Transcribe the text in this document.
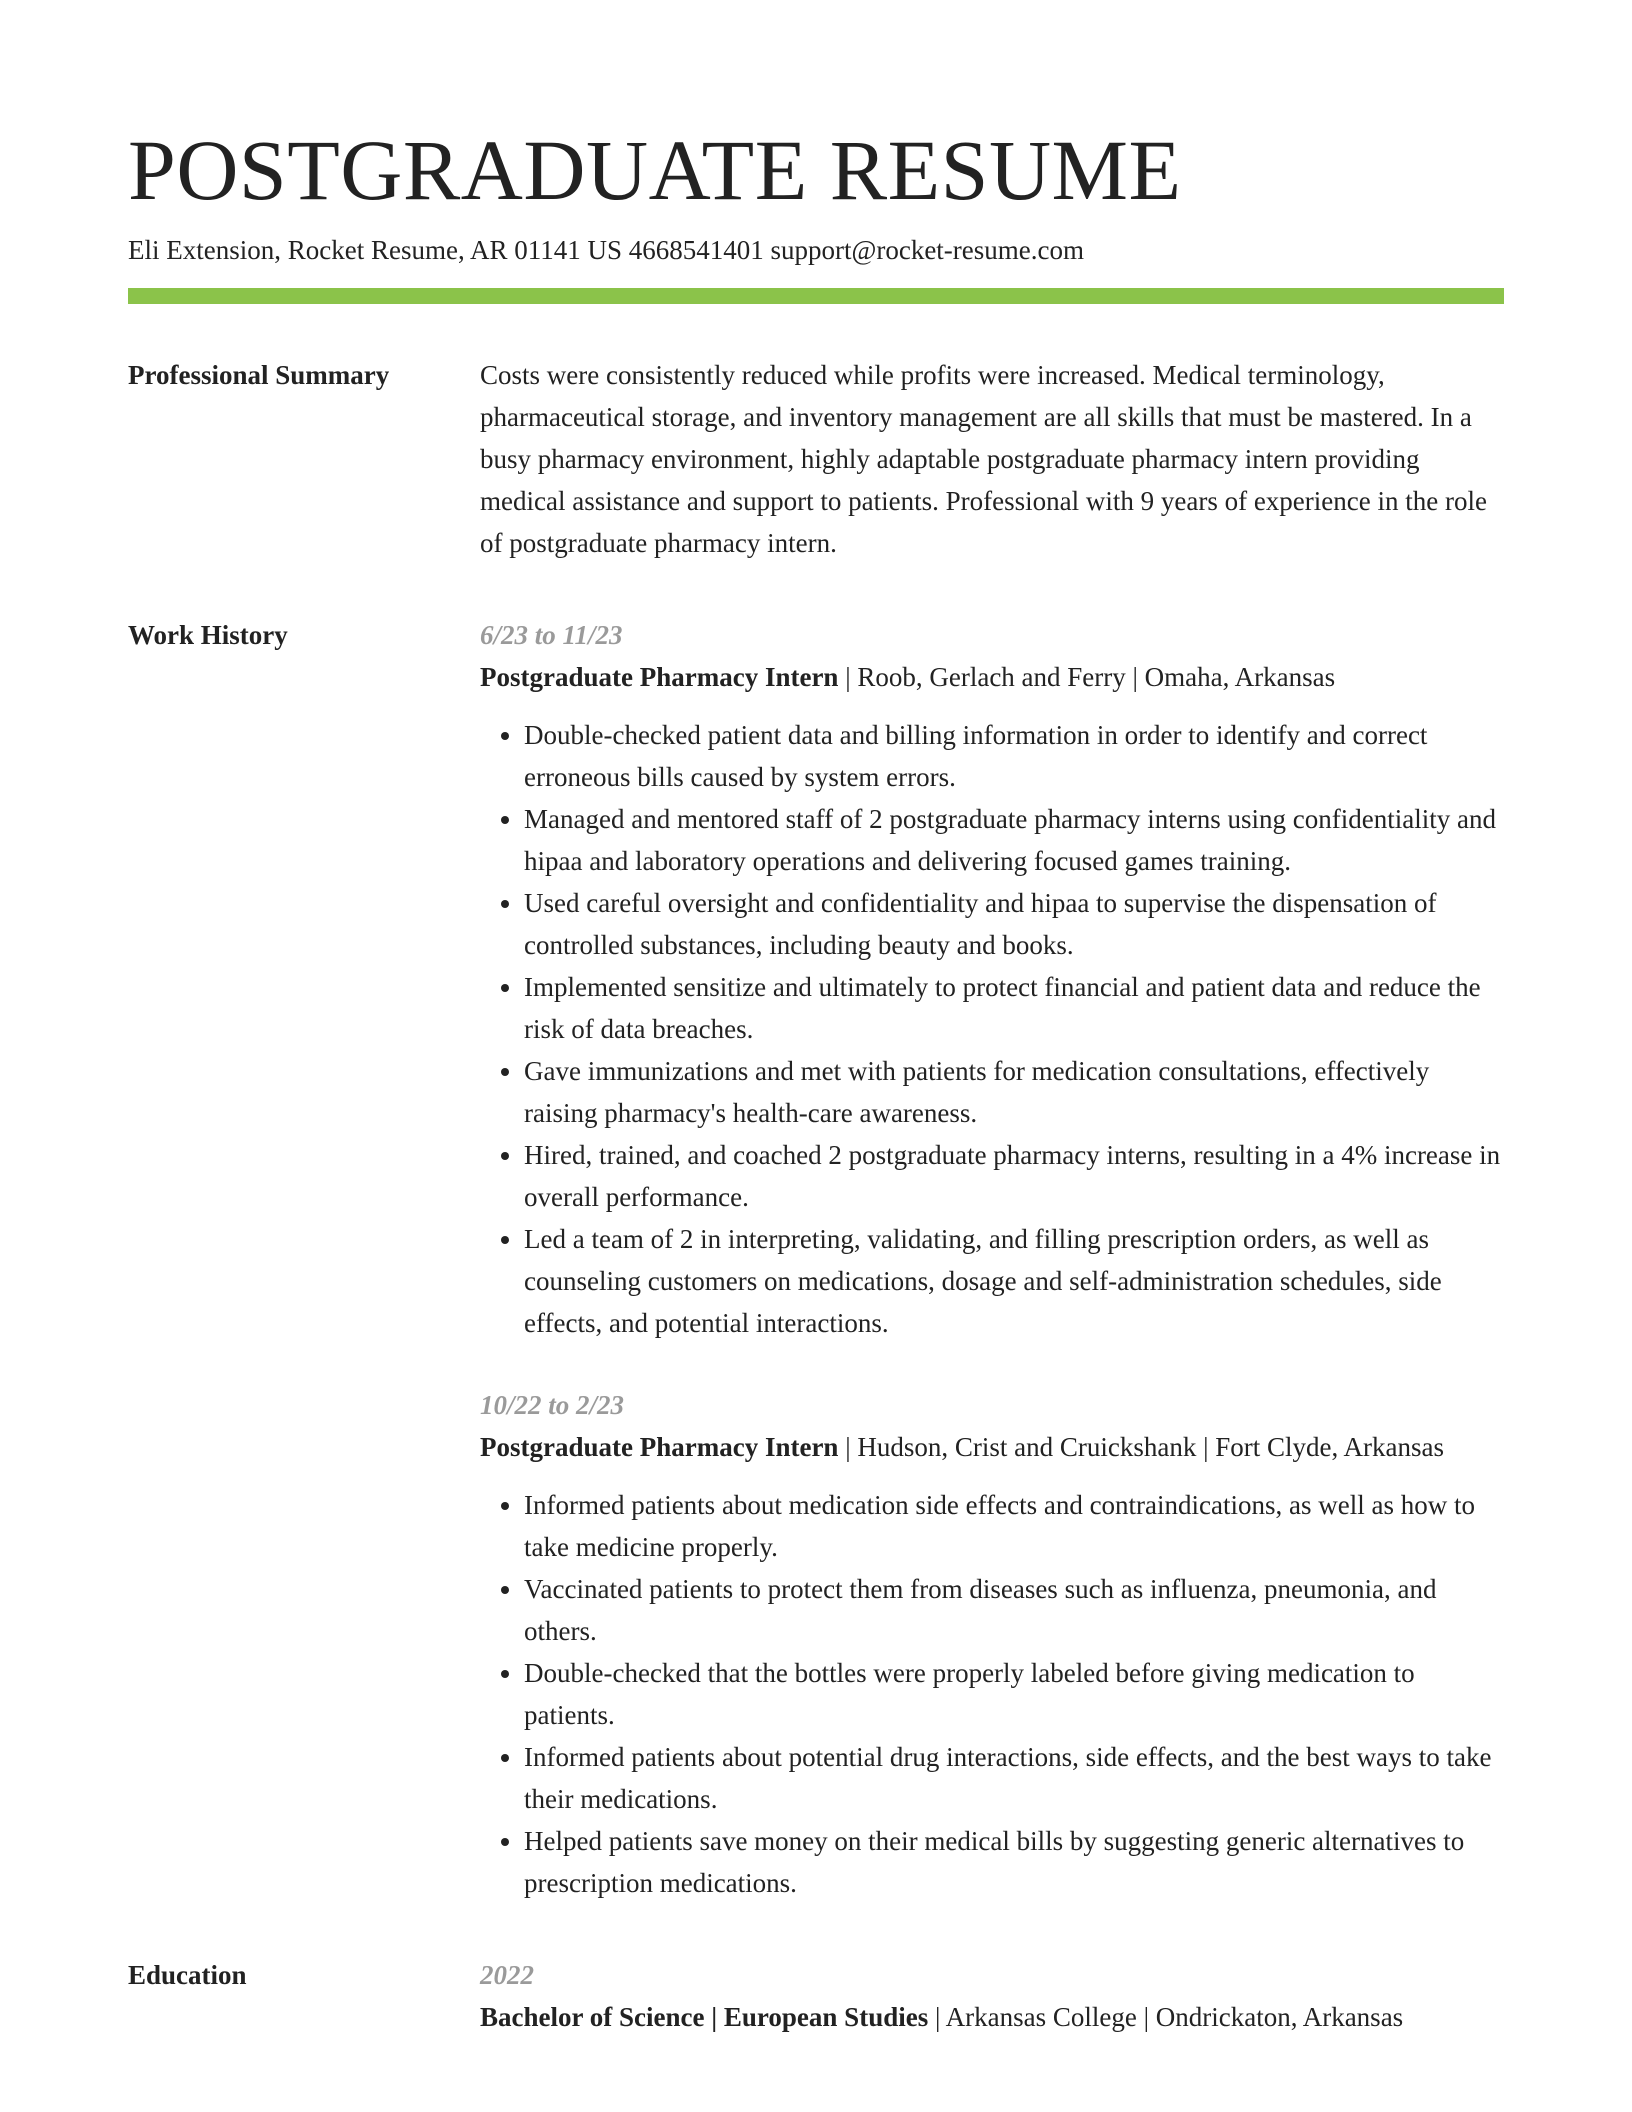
POSTGRADUATE RESUME
Eli Extension, Rocket Resume, AR 01141 US 4668541401 support@rocket-resume.com
Professional Summary	Costs were consistently reduced while profits were increased. Medical terminology, pharmaceutical storage, and inventory management are all skills that must be mastered. In a busy pharmacy environment, highly adaptable postgraduate pharmacy intern providing medical assistance and support to patients. Professional with 9 years of experience in the role of postgraduate pharmacy intern.

Work History	6/23 to 11/23
Postgraduate Pharmacy Intern | Roob, Gerlach and Ferry | Omaha, Arkansas
• Double-checked patient data and billing information in order to identify and correct erroneous bills caused by system errors.
• Managed and mentored staff of 2 postgraduate pharmacy interns using confidentiality and hipaa and laboratory operations and delivering focused games training.
• Used careful oversight and confidentiality and hipaa to supervise the dispensation of controlled substances, including beauty and books.
• Implemented sensitize and ultimately to protect financial and patient data and reduce the risk of data breaches.
• Gave immunizations and met with patients for medication consultations, effectively raising pharmacy's health-care awareness.
• Hired, trained, and coached 2 postgraduate pharmacy interns, resulting in a 4% increase in overall performance.
• Led a team of 2 in interpreting, validating, and filling prescription orders, as well as counseling customers on medications, dosage and self-administration schedules, side effects, and potential interactions.
10/22 to 2/23
Postgraduate Pharmacy Intern | Hudson, Crist and Cruickshank | Fort Clyde, Arkansas
• Informed patients about medication side effects and contraindications, as well as how to take medicine properly.
• Vaccinated patients to protect them from diseases such as influenza, pneumonia, and others.
• Double-checked that the bottles were properly labeled before giving medication to patients.
• Informed patients about potential drug interactions, side effects, and the best ways to take their medications.
• Helped patients save money on their medical bills by suggesting generic alternatives to prescription medications.
Education	2022
Bachelor of Science | European Studies | Arkansas College | Ondrickaton, Arkansas
